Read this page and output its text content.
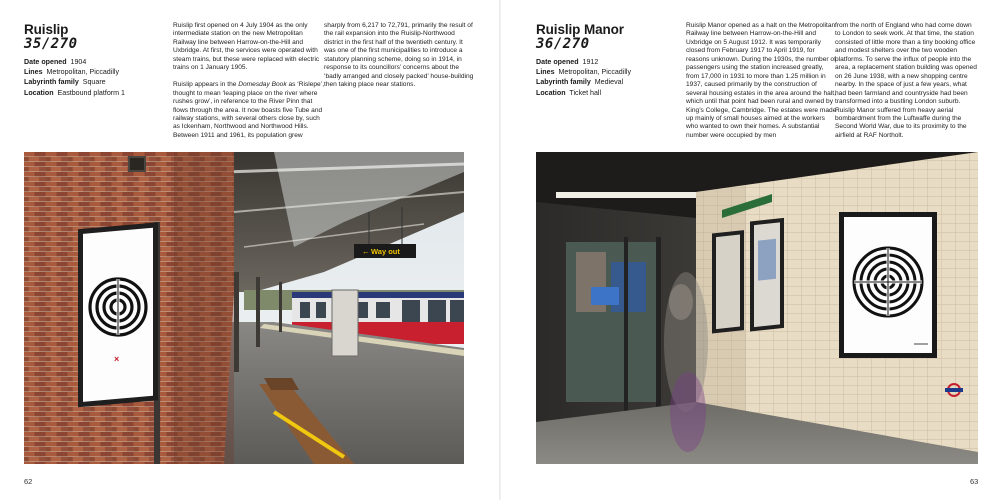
Ruislip
35/270
Date opened 1904
Lines Metropolitan, Piccadilly
Labyrinth family Square
Location Eastbound platform 1

Ruislip first opened on 4 July 1904 as the only intermediate station on the new Metropolitan Railway line between Harrow-on-the-Hill and Uxbridge. At first, the services were operated with steam trains, but these were replaced with electric trains on 1 January 1905.

Ruislip appears in the Domesday Book as ‘Rislepe’, thought to mean ‘leaping place on the river where rushes grow’, in reference to the River Pinn that flows through the area. It now boasts five Tube and railway stations, with several others close by, such as Ickenham, Northwood and Northwood Hills. Between 1911 and 1961, its population grew

sharply from 6,217 to 72,791, primarily the result of the rail expansion into the Ruislip-Northwood district in the first half of the twentieth century. It was one of the first municipalities to introduce a statutory planning scheme, doing so in 1914, in response to its councillors’ concerns about the ‘badly arranged and closely packed’ house-building then taking place near stations.

← Way out
×
62
Ruislip Manor
36/270
Date opened 1912
Lines Metropolitan, Piccadilly
Labyrinth family Medieval
Location Ticket hall

Ruislip Manor opened as a halt on the Metropolitan Railway line between Harrow-on-the-Hill and Uxbridge on 5 August 1912. It was temporarily closed from February 1917 to April 1919, for reasons unknown. During the 1930s, the number of passengers using the station increased greatly, from 17,000 in 1931 to more than 1.25 million in 1937, caused primarily by the construction of several housing estates in the area around the halt, which until that point had been rural and owned by King’s College, Cambridge. The estates were made up mainly of small houses aimed at the workers who wanted to own their homes. A substantial number were occupied by men

from the north of England who had come down to London to seek work. At that time, the station consisted of little more than a tiny booking office and modest shelters over the two wooden platforms. To serve the influx of people into the area, a replacement station building was opened on 26 June 1938, with a new shopping centre nearby. In the space of just a few years, what had been farmland and countryside had been transformed into a bustling London suburb. Ruislip Manor suffered from heavy aerial bombardment from the Luftwaffe during the Second World War, due to its proximity to the airfield at RAF Northolt.

63
